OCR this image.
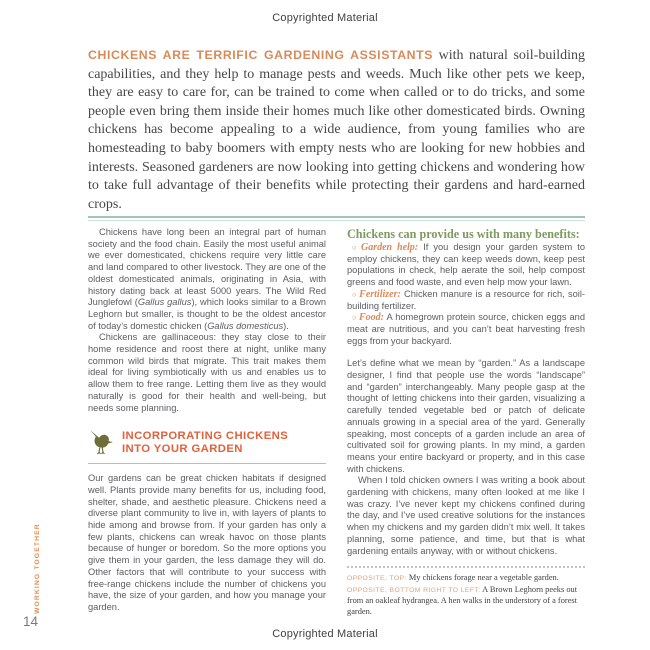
Copyrighted Material
CHICKENS ARE TERRIFIC GARDENING ASSISTANTS with natural soil-building capabilities, and they help to manage pests and weeds. Much like other pets we keep, they are easy to care for, can be trained to come when called or to do tricks, and some people even bring them inside their homes much like other domesticated birds. Owning chickens has become appealing to a wide audience, from young families who are homesteading to baby boomers with empty nests who are looking for new hobbies and interests. Seasoned gardeners are now looking into getting chickens and wondering how to take full advantage of their benefits while protecting their gardens and hard-earned crops.

Chickens have long been an integral part of human society and the food chain. Easily the most useful animal we ever domesticated, chickens require very little care and land compared to other livestock. They are one of the oldest domesticated animals, originating in Asia, with history dating back at least 5000 years. The Wild Red Junglefowl (Gallus gallus), which looks similar to a Brown Leghorn but smaller, is thought to be the oldest ancestor of today’s domestic chicken (Gallus domesticus).

Chickens are gallinaceous: they stay close to their home residence and roost there at night, unlike many common wild birds that migrate. This trait makes them ideal for living symbiotically with us and enables us to allow them to free range. Letting them live as they would naturally is good for their health and well-being, but needs some planning.

INCORPORATING CHICKENS INTO YOUR GARDEN

Our gardens can be great chicken habitats if designed well. Plants provide many benefits for us, including food, shelter, shade, and aesthetic pleasure. Chickens need a diverse plant community to live in, with layers of plants to hide among and browse from. If your garden has only a few plants, chickens can wreak havoc on those plants because of hunger or boredom. So the more options you give them in your garden, the less damage they will do. Other factors that will contribute to your success with free-range chickens include the number of chickens you have, the size of your garden, and how you manage your garden.

Chickens can provide us with many benefits:

○ Garden help: If you design your garden system to employ chickens, they can keep weeds down, keep pest populations in check, help aerate the soil, help compost greens and food waste, and even help mow your lawn.

○ Fertilizer: Chicken manure is a resource for rich, soil-building fertilizer.

○ Food: A homegrown protein source, chicken eggs and meat are nutritious, and you can’t beat harvesting fresh eggs from your backyard.

Let’s define what we mean by “garden.” As a landscape designer, I find that people use the words “landscape” and “garden” interchangeably. Many people gasp at the thought of letting chickens into their garden, visualizing a carefully tended vegetable bed or patch of delicate annuals growing in a special area of the yard. Generally speaking, most concepts of a garden include an area of cultivated soil for growing plants. In my mind, a garden means your entire backyard or property, and in this case with chickens.

When I told chicken owners I was writing a book about gardening with chickens, many often looked at me like I was crazy. I’ve never kept my chickens confined during the day, and I’ve used creative solutions for the instances when my chickens and my garden didn’t mix well. It takes planning, some patience, and time, but that is what gardening entails anyway, with or without chickens.

OPPOSITE, TOP: My chickens forage near a vegetable garden.

OPPOSITE, BOTTOM RIGHT TO LEFT: A Brown Leghorn peeks out from an oakleaf hydrangea. A hen walks in the understory of a forest garden.

WORKING TOGETHER
14
Copyrighted Material
